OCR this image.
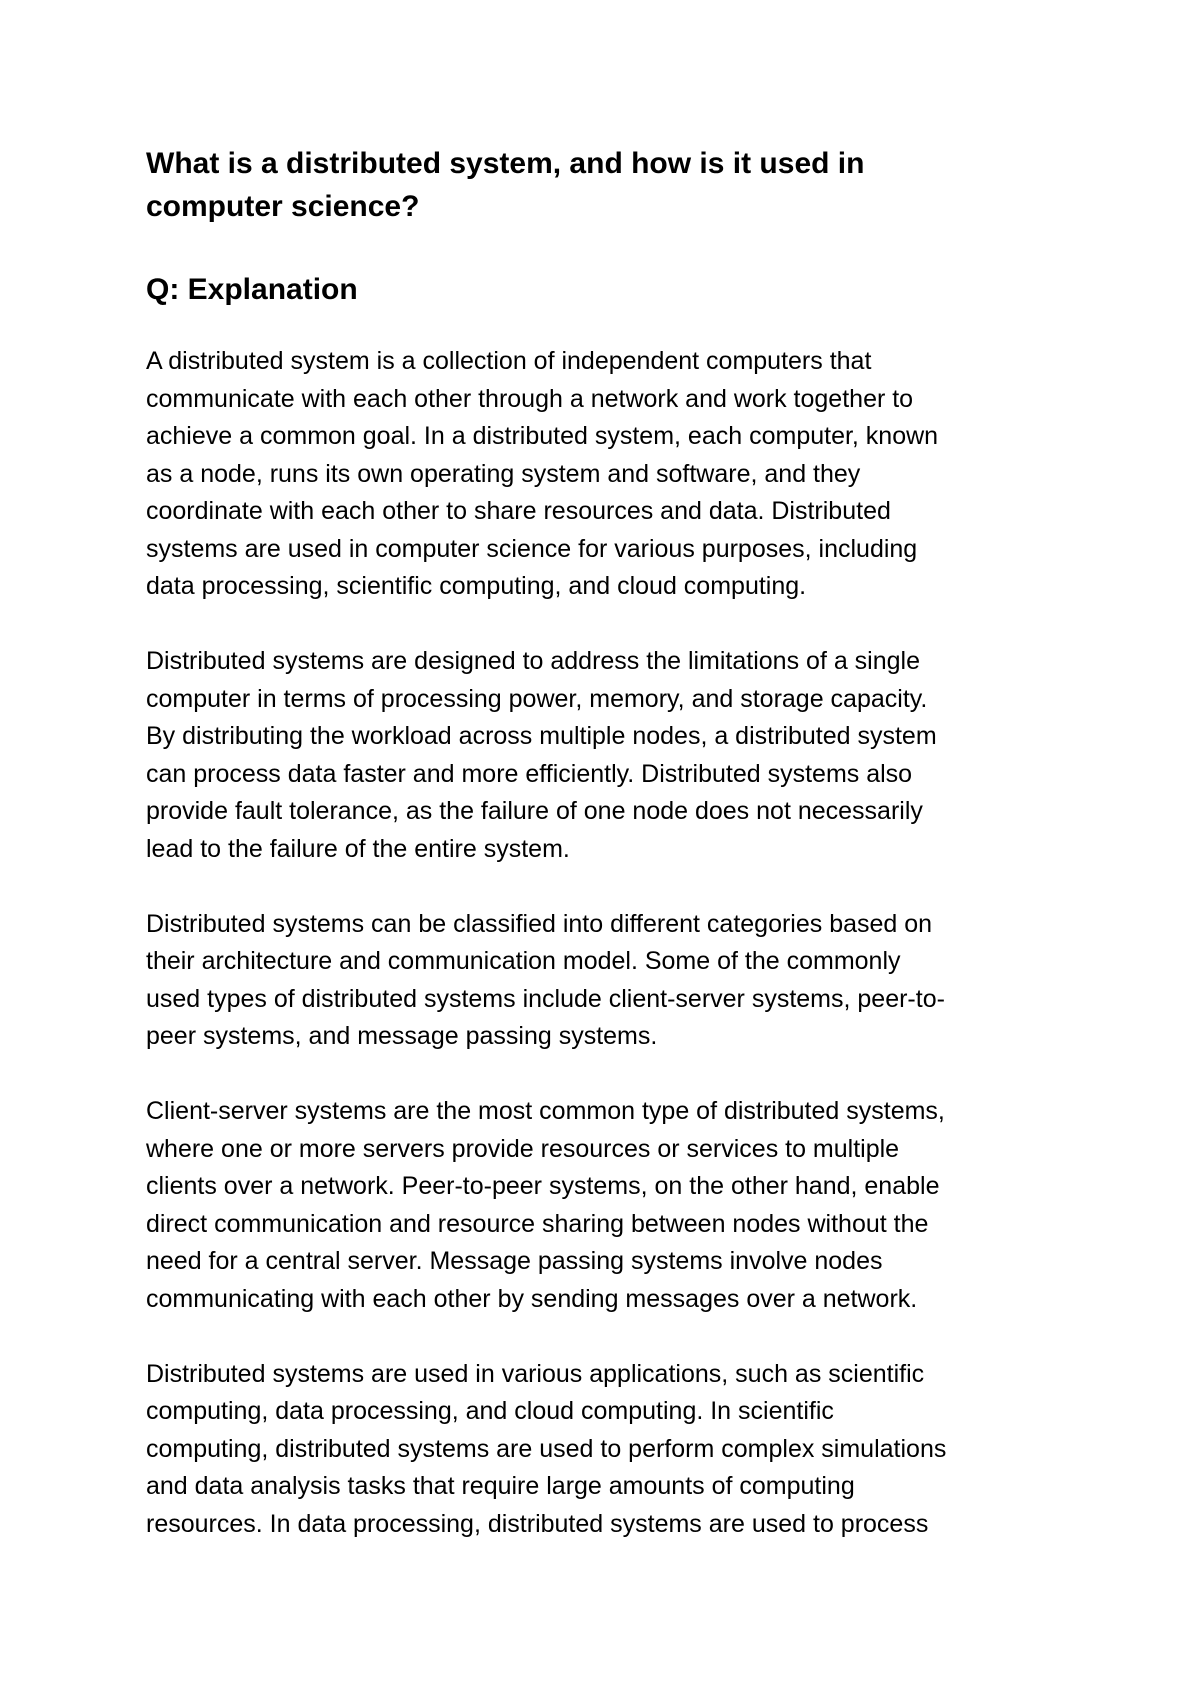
What is a distributed system, and how is it used in
computer science?
Q: Explanation

A distributed system is a collection of independent computers that
communicate with each other through a network and work together to
achieve a common goal. In a distributed system, each computer, known
as a node, runs its own operating system and software, and they
coordinate with each other to share resources and data. Distributed
systems are used in computer science for various purposes, including
data processing, scientific computing, and cloud computing.

Distributed systems are designed to address the limitations of a single
computer in terms of processing power, memory, and storage capacity.
By distributing the workload across multiple nodes, a distributed system
can process data faster and more efficiently. Distributed systems also
provide fault tolerance, as the failure of one node does not necessarily
lead to the failure of the entire system.

Distributed systems can be classified into different categories based on
their architecture and communication model. Some of the commonly
used types of distributed systems include client-server systems, peer-to-
peer systems, and message passing systems.

Client-server systems are the most common type of distributed systems,
where one or more servers provide resources or services to multiple
clients over a network. Peer-to-peer systems, on the other hand, enable
direct communication and resource sharing between nodes without the
need for a central server. Message passing systems involve nodes
communicating with each other by sending messages over a network.

Distributed systems are used in various applications, such as scientific
computing, data processing, and cloud computing. In scientific
computing, distributed systems are used to perform complex simulations
and data analysis tasks that require large amounts of computing
resources. In data processing, distributed systems are used to process
